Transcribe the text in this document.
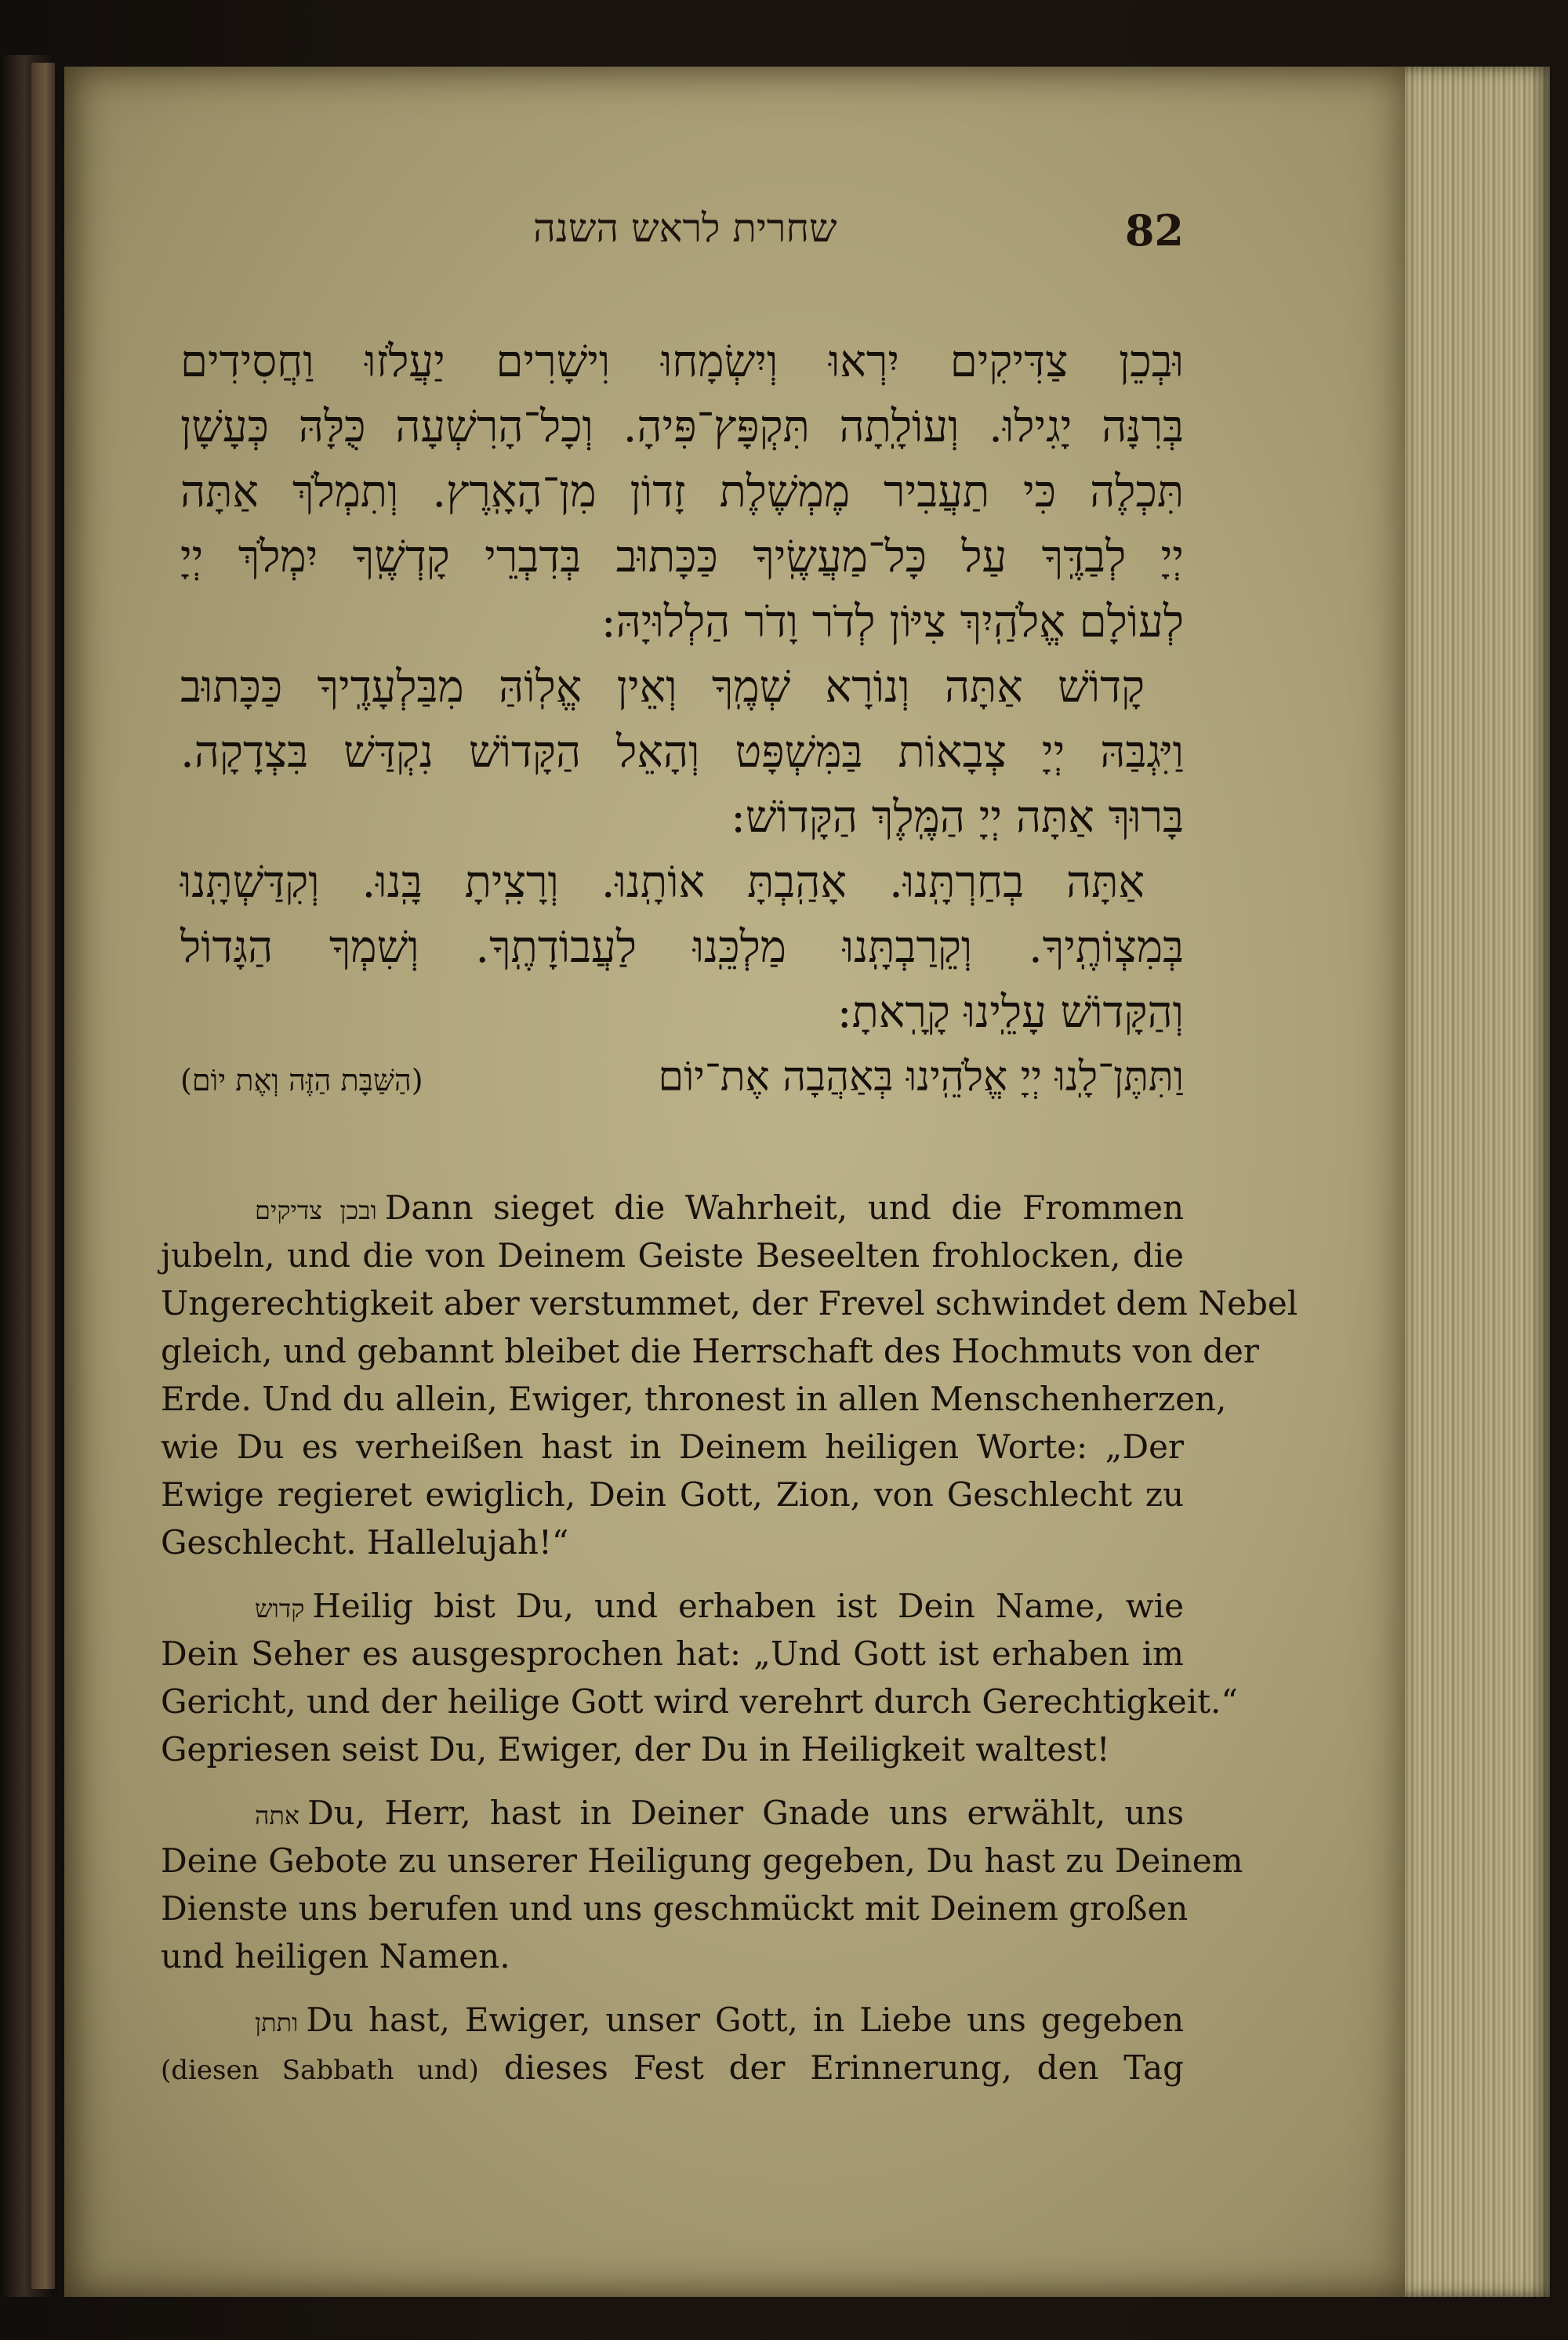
שחרית לראש השנה	82
וּבְכֵן צַדִּיקִים יִרְאוּ וְיִשְׂמָחוּ וִישָׁרִים יַעֲלֹזוּ וַחֲסִידִים
בְּרִנָּה יָגִילוּ. וְעוֹלָֽתָה תִּקְפָּץ־פִּיהָ. וְכָל־הָרִשְׁעָה כֻּלָּהּ כְּעָשָׁן
תִּכְלֶה כִּי תַעֲבִיר מֶמְשֶׁלֶת זָדוֹן מִן־הָאָֽרֶץ. וְתִמְלֹךְ אַתָּה
יְיָ לְבַדֶּֽךָ עַל כָּל־מַעֲשֶֽׂיךָ כַּכָּתוּב בְּדִבְרֵי קָדְשֶֽׁךָ יִמְלֹךְ יְיָ
לְעוֹלָם אֱלֹהַֽיִךְ צִיּוֹן לְדֹר וָדֹר הַלְלוּיָהּ:
קָדוֹשׁ אַתָּה וְנוֹרָא שְׁמֶֽךָ וְאֵין אֱלֽוֹהַּ מִבַּלְעָדֶֽיךָ כַּכָּתוּב
וַיִּגְבַּהּ יְיָ צְבָאוֹת בַּמִּשְׁפָּט וְהָאֵל הַקָּדוֹשׁ נִקְדַּשׁ בִּצְדָקָה.
בָּרוּךְ אַתָּה יְיָ הַמֶּֽלֶךְ הַקָּדוֹשׁ:
אַתָּה בְחַרְתָּֽנוּ. אָהַֽבְתָּ אוֹתָֽנוּ. וְרָצִֽיתָ בָּֽנוּ. וְקִדַּשְׁתָּֽנוּ
בְּמִצְוֹתֶֽיךָ. וְקֵרַבְתָּֽנוּ מַלְכֵּֽנוּ לַעֲבוֹדָתֶֽךָ. וְשִׁמְךָ הַגָּדוֹל
וְהַקָּדוֹשׁ עָלֵֽינוּ קָרָֽאתָ:
וַתִּתֶּן־לָֽנוּ יְיָ אֱלֹהֵֽינוּ בְּאַהֲבָה אֶת־יוֹם
(הַשַּׁבָּת הַזֶּה וְאֶת יוֹם)
ובכן צדיקים Dann sieget die Wahrheit, und die Frommen
jubeln, und die von Deinem Geiste Beseelten frohlocken, die
Ungerechtigkeit aber verstummet, der Frevel schwindet dem Nebel
gleich, und gebannt bleibet die Herrschaft des Hochmuts von der
Erde. Und du allein, Ewiger, thronest in allen Menschenherzen,
wie Du es verheißen hast in Deinem heiligen Worte: „Der
Ewige regieret ewiglich, Dein Gott, Zion, von Geschlecht zu
Geschlecht. Hallelujah!“
קדוש Heilig bist Du, und erhaben ist Dein Name, wie
Dein Seher es ausgesprochen hat: „Und Gott ist erhaben im
Gericht, und der heilige Gott wird verehrt durch Gerechtigkeit.“
Gepriesen seist Du, Ewiger, der Du in Heiligkeit waltest!
אתה Du, Herr, hast in Deiner Gnade uns erwählt, uns
Deine Gebote zu unserer Heiligung gegeben, Du hast zu Deinem
Dienste uns berufen und uns geschmückt mit Deinem großen
und heiligen Namen.
ותתן Du hast, Ewiger, unser Gott, in Liebe uns gegeben
(diesen Sabbath und) dieses Fest der Erinnerung, den Tag
